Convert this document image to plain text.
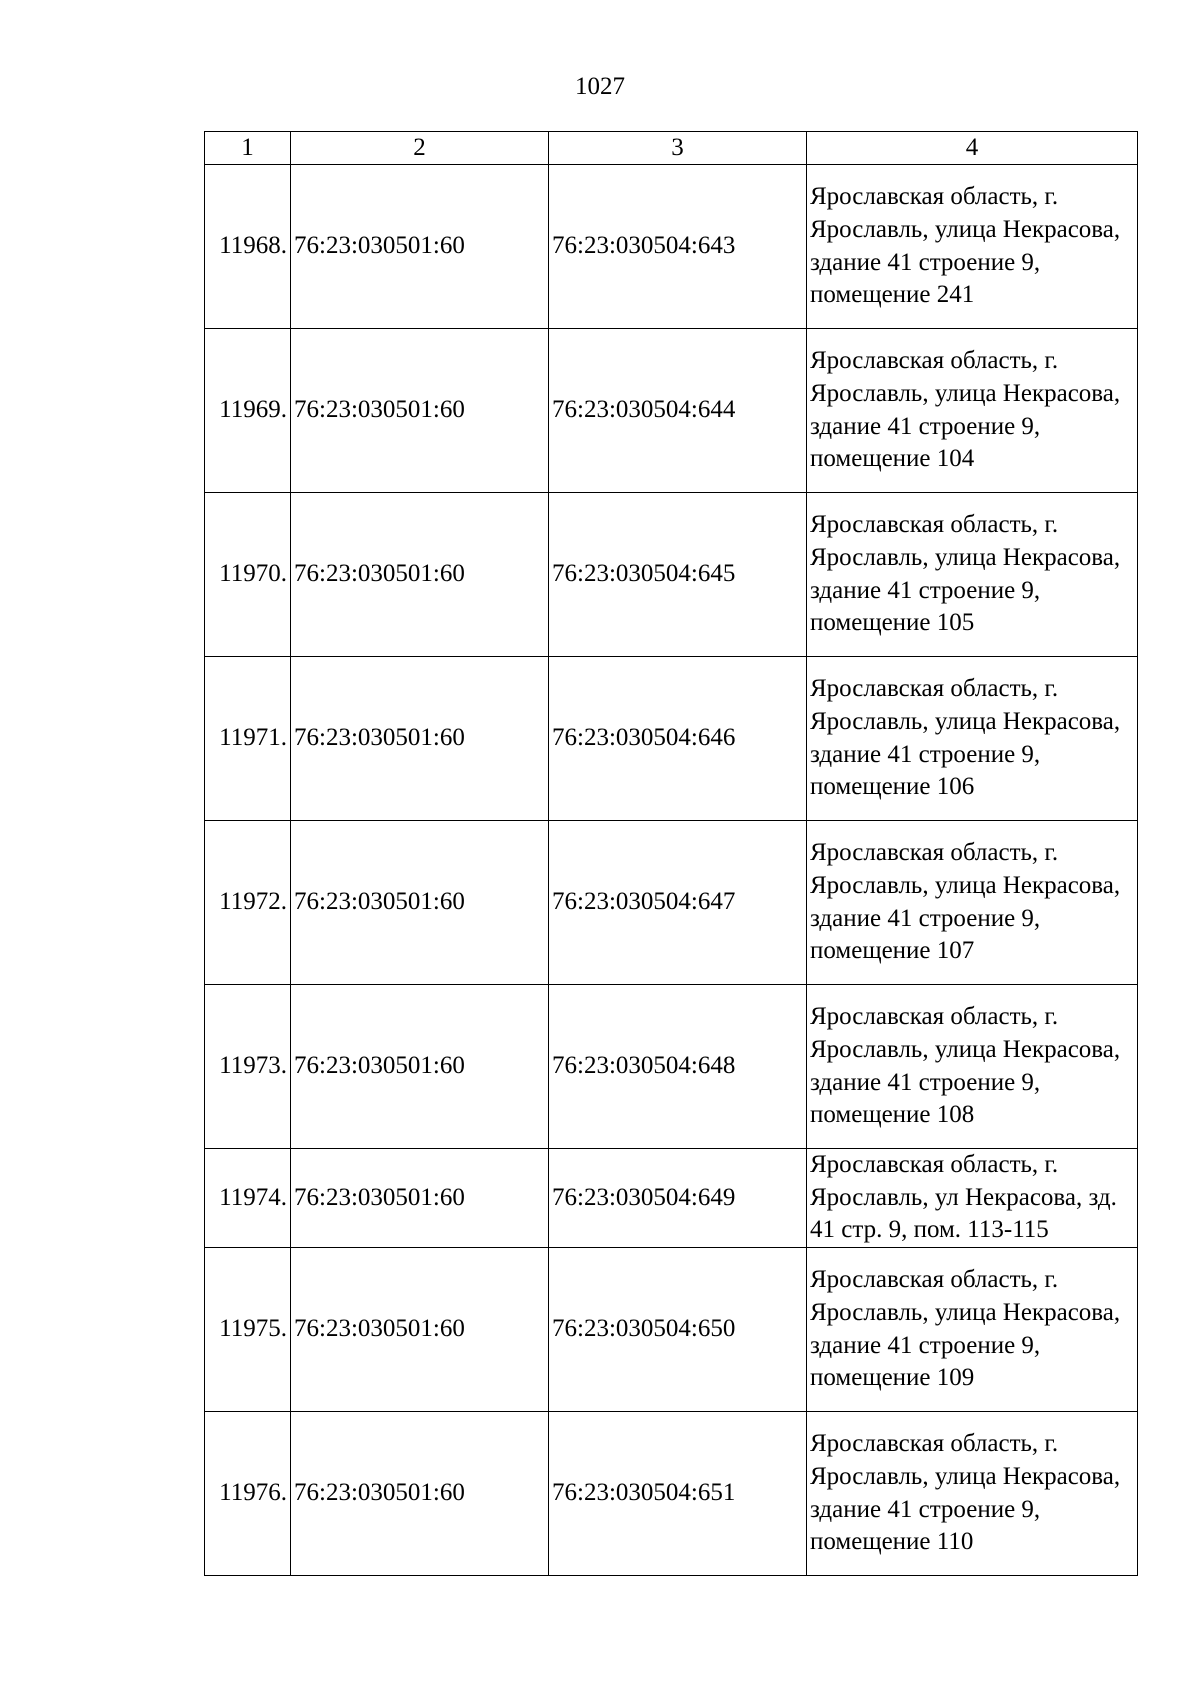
1027
1	2	3	4
11968.	76:23:030501:60	76:23:030504:643	Ярославская область, г. Ярославль, улица Некрасова, здание 41 строение 9, помещение 241
11969.	76:23:030501:60	76:23:030504:644	Ярославская область, г. Ярославль, улица Некрасова, здание 41 строение 9, помещение 104
11970.	76:23:030501:60	76:23:030504:645	Ярославская область, г. Ярославль, улица Некрасова, здание 41 строение 9, помещение 105
11971.	76:23:030501:60	76:23:030504:646	Ярославская область, г. Ярославль, улица Некрасова, здание 41 строение 9, помещение 106
11972.	76:23:030501:60	76:23:030504:647	Ярославская область, г. Ярославль, улица Некрасова, здание 41 строение 9, помещение 107
11973.	76:23:030501:60	76:23:030504:648	Ярославская область, г. Ярославль, улица Некрасова, здание 41 строение 9, помещение 108
11974.	76:23:030501:60	76:23:030504:649	Ярославская область, г. Ярославль, ул Некрасова, зд. 41 стр. 9, пом. 113-115
11975.	76:23:030501:60	76:23:030504:650	Ярославская область, г. Ярославль, улица Некрасова, здание 41 строение 9, помещение 109
11976.	76:23:030501:60	76:23:030504:651	Ярославская область, г. Ярославль, улица Некрасова, здание 41 строение 9, помещение 110
